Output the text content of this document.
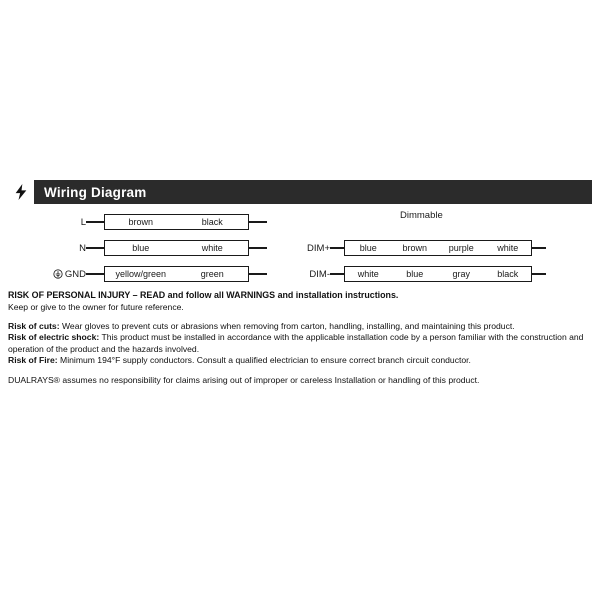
Wiring Diagram
L	brown	black
N	blue	white
GND	yellow/green	green
Dimmable
DIM+	blue	brown	purple	white
DIM-	white	blue	gray	black

RISK OF PERSONAL INJURY – READ and follow all WARNINGS and installation instructions.

Keep or give to the owner for future reference.

Risk of cuts: Wear gloves to prevent cuts or abrasions when removing from carton, handling, installing, and maintaining this product.

Risk of electric shock: This product must be installed in accordance with the applicable installation code by a person familiar with the construction and operation of the product and the hazards involved.

Risk of Fire: Minimum 194°F supply conductors. Consult a qualified electrician to ensure correct branch circuit conductor.

DUALRAYS® assumes no responsibility for claims arising out of improper or careless Installation or handling of this product.
